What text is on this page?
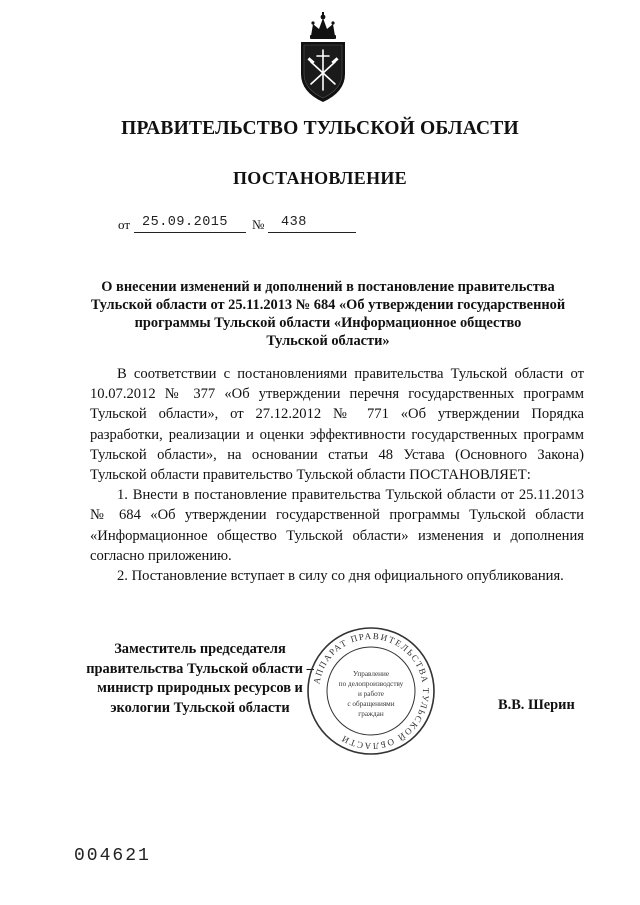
ПРАВИТЕЛЬСТВО ТУЛЬСКОЙ ОБЛАСТИ
ПОСТАНОВЛЕНИЕ
от 25.09.2015 № 438
О внесении изменений и дополнений в постановление правительства
Тульской области от 25.11.2013 № 684 «Об утверждении государственной
программы Тульской области «Информационное общество
Тульской области»

В соответствии с постановлениями правительства Тульской области от 10.07.2012 № 377 «Об утверждении перечня государственных программ Тульской области», от 27.12.2012 № 771 «Об утверждении Порядка разработки, реализации и оценки эффективности государственных программ Тульской области», на основании статьи 48 Устава (Основного Закона) Тульской области правительство Тульской области ПОСТАНОВЛЯЕТ:

1. Внести в постановление правительства Тульской области от 25.11.2013 № 684 «Об утверждении государственной программы Тульской области «Информационное общество Тульской области» изменения и дополнения согласно приложению.

2. Постановление вступает в силу со дня официального опубликования.

Заместитель председателя
правительства Тульской области –
министр природных ресурсов и
экологии Тульской области	В.В. Шерин
АППАРАТ ПРАВИТЕЛЬСТВА ТУЛЬСКОЙ ОБЛАСТИ
Управление
по делопроизводству
и работе
с обращениями
граждан
004621
